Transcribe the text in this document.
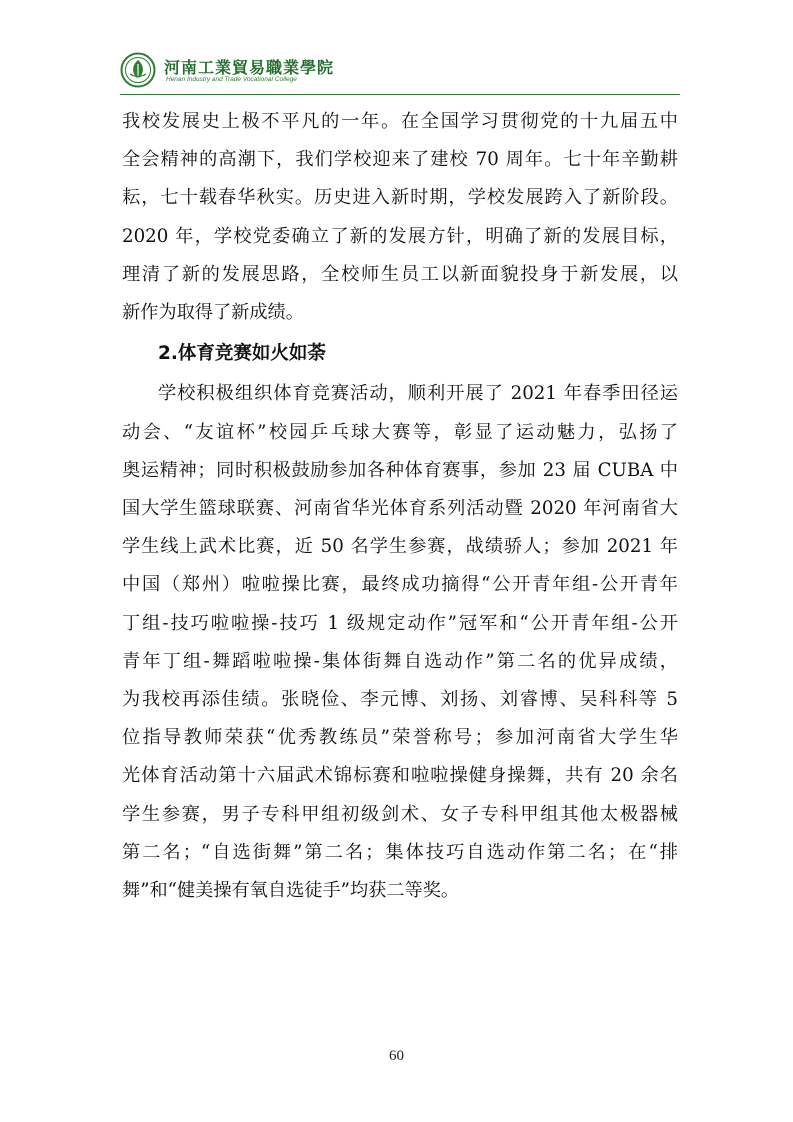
河南工業貿易職業學院
Henan Industry and Trade Vocational College

我校发展史上极不平凡的一年。在全国学习贯彻党的十九届五中

全会精神的高潮下，我们学校迎来了建校 70 周年。七十年辛勤耕

耘，七十载春华秋实。历史进入新时期，学校发展跨入了新阶段。

2020 年，学校党委确立了新的发展方针，明确了新的发展目标，

理清了新的发展思路，全校师生员工以新面貌投身于新发展，以

新作为取得了新成绩。

2.体育竞赛如火如荼

学校积极组织体育竞赛活动，顺利开展了 2021 年春季田径运

动会、“友谊杯”校园乒乓球大赛等，彰显了运动魅力，弘扬了

奥运精神；同时积极鼓励参加各种体育赛事，参加 23 届 CUBA 中

国大学生篮球联赛、河南省华光体育系列活动暨 2020 年河南省大

学生线上武术比赛，近 50 名学生参赛，战绩骄人；参加 2021 年

中国（郑州）啦啦操比赛，最终成功摘得“公开青年组-公开青年

丁组-技巧啦啦操-技巧 1 级规定动作”冠军和“公开青年组-公开

青年丁组-舞蹈啦啦操-集体街舞自选动作”第二名的优异成绩，

为我校再添佳绩。张晓俭、李元博、刘扬、刘睿博、吴科科等 5

位指导教师荣获“优秀教练员”荣誉称号；参加河南省大学生华

光体育活动第十六届武术锦标赛和啦啦操健身操舞，共有 20 余名

学生参赛，男子专科甲组初级剑术、女子专科甲组其他太极器械

第二名；“自选街舞”第二名；集体技巧自选动作第二名；在“排

舞”和“健美操有氧自选徒手”均获二等奖。

60
